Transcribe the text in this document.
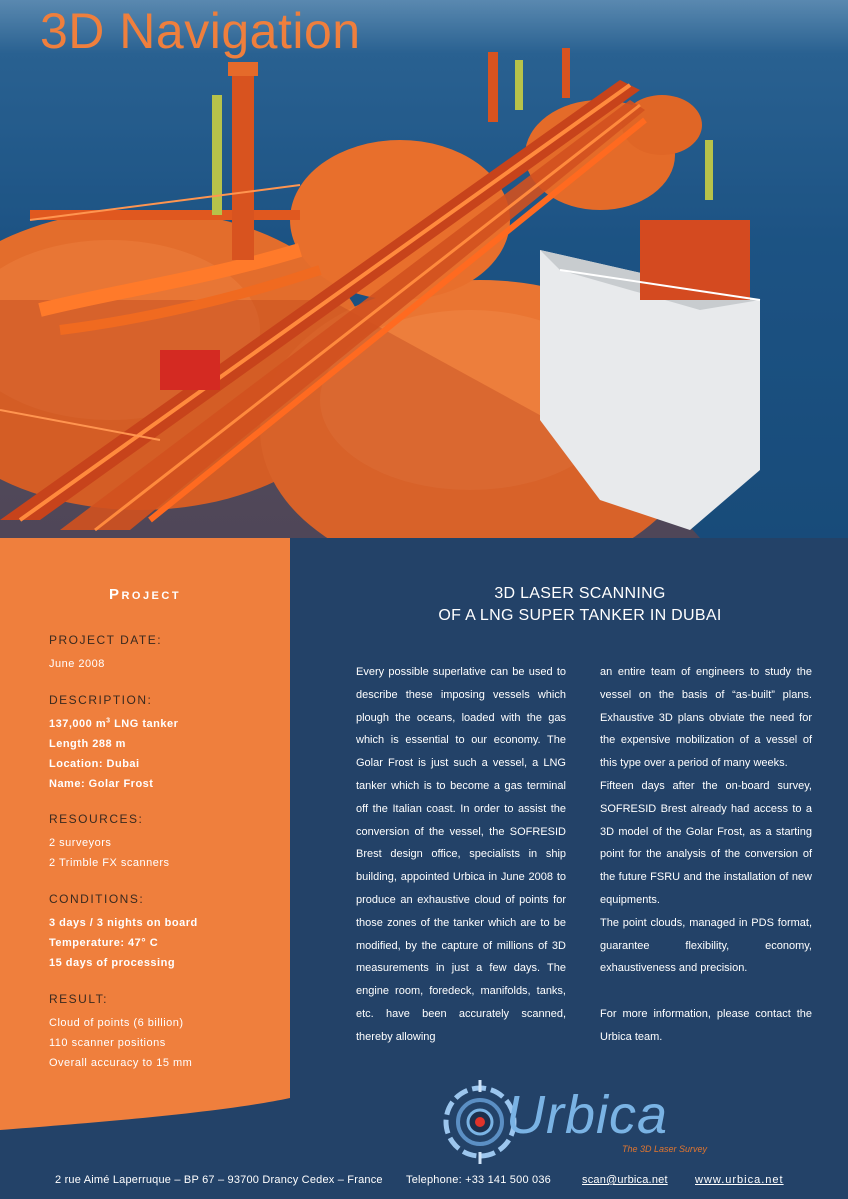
3D Navigation
Project
PROJECT DATE:
June 2008
DESCRIPTION:
137,000 $m^3$ LNG tanker
Length 288 m
Location: Dubai
Name: Golar Frost
RESOURCES:
2 surveyors
2 Trimble FX scanners
CONDITIONS:
3 days / 3 nights on board
Temperature: 47° C
15 days of processing
RESULT:
Cloud of points (6 billion)
110 scanner positions
Overall accuracy to 15 mm
3D LASER SCANNING
OF A LNG SUPER TANKER IN DUBAI

Every possible superlative can be used to describe these imposing vessels which plough the oceans, loaded with the gas which is essential to our economy. The Golar Frost is just such a vessel, a LNG tanker which is to become a gas terminal off the Italian coast. In order to assist the conversion of the vessel, the SOFRESID Brest design office, specialists in ship building, appointed Urbica in June 2008 to produce an exhaustive cloud of points for those zones of the tanker which are to be modified, by the capture of millions of 3D measurements in just a few days. The engine room, foredeck, manifolds, tanks, etc. have been accurately scanned, thereby allowing

an entire team of engineers to study the vessel on the basis of “as-built” plans. Exhaustive 3D plans obviate the need for the expensive mobilization of a vessel of this type over a period of many weeks.

Fifteen days after the on-board survey, SOFRESID Brest already had access to a 3D model of the Golar Frost, as a starting point for the analysis of the conversion of the future FSRU and the installation of new equipments.

The point clouds, managed in PDS format, guarantee flexibility, economy, exhaustiveness and precision.

For more information, please contact the Urbica team.

Urbica
The 3D Laser Survey
2 rue Aimé Laperruque – BP 67 – 93700 Drancy Cedex – France Telephone: +33 141 500 036	scan@urbica.net www.urbica.net
